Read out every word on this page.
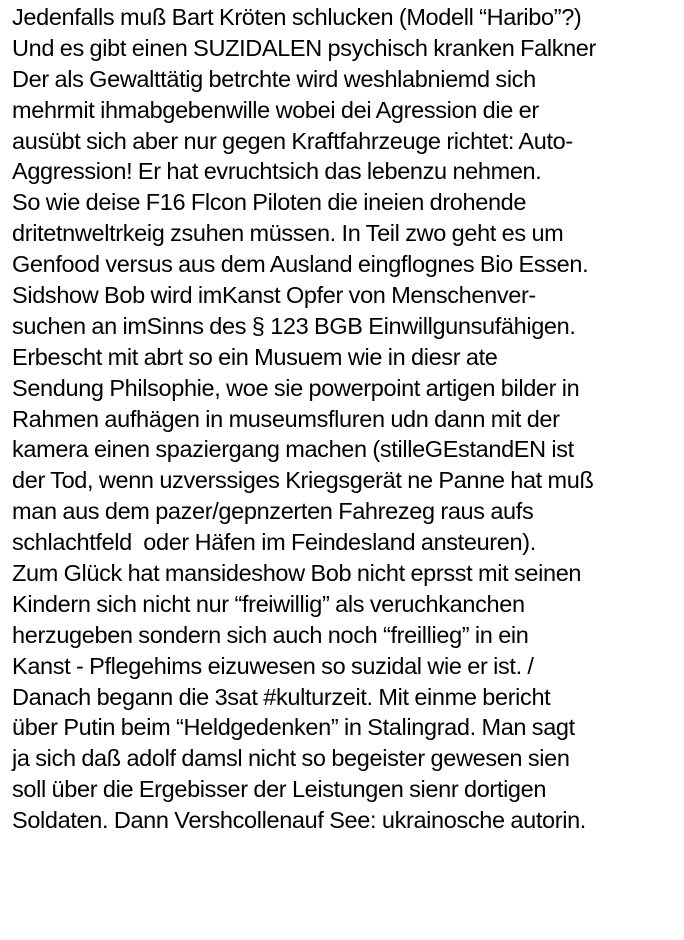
Jedenfalls muß Bart Kröten schlucken (Modell “Haribo”?)
Und es gibt einen SUZIDALEN psychisch kranken Falkner
Der als Gewalttätig betrchte wird weshlabniemd sich
mehrmit ihmabgebenwille wobei dei Agression die er
ausübt sich aber nur gegen Kraftfahrzeuge richtet: Auto-
Aggression! Er hat evruchtsich das lebenzu nehmen.
So wie deise F16 Flcon Piloten die ineien drohende
dritetnweltrkeig zsuhen müssen. In Teil zwo geht es um
Genfood versus aus dem Ausland eingflognes Bio Essen.
Sidshow Bob wird imKanst Opfer von Menschenver-
suchen an imSinns des § 123 BGB Einwillgunsufähigen.
Erbescht mit abrt so ein Musuem wie in diesr ate
Sendung Philsophie, woe sie powerpoint artigen bilder in
Rahmen aufhägen in museumsfluren udn dann mit der
kamera einen spaziergang machen (stilleGEstandEN ist
der Tod, wenn uzverssiges Kriegsgerät ne Panne hat muß
man aus dem pazer/gepnzerten Fahrezeg raus aufs
schlachtfeld  oder Häfen im Feindesland ansteuren).
Zum Glück hat mansideshow Bob nicht eprsst mit seinen
Kindern sich nicht nur “freiwillig” als veruchkanchen
herzugeben sondern sich auch noch “freillieg” in ein
Kanst - Pflegehims eizuwesen so suzidal wie er ist. /
Danach begann die 3sat #kulturzeit. Mit einme bericht
über Putin beim “Heldgedenken” in Stalingrad. Man sagt
ja sich daß adolf damsl nicht so begeister gewesen sien
soll über die Ergebisser der Leistungen sienr dortigen
Soldaten. Dann Vershcollenauf See: ukrainosche autorin.
